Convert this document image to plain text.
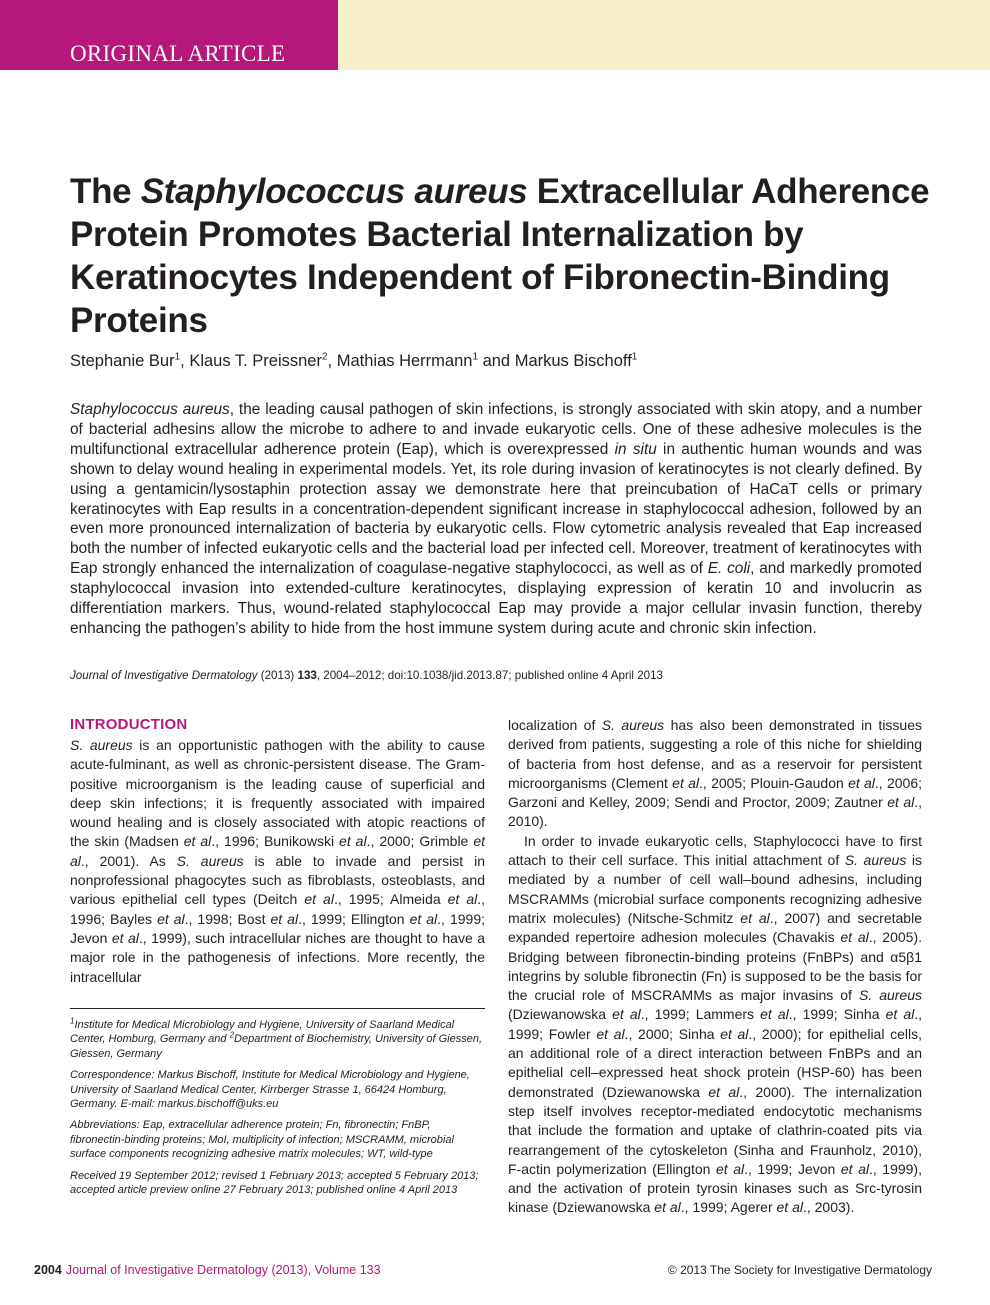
ORIGINAL ARTICLE
The Staphylococcus aureus Extracellular Adherence Protein Promotes Bacterial Internalization by Keratinocytes Independent of Fibronectin-Binding Proteins
Stephanie Bur$^1$, Klaus T. Preissner$^2$, Mathias Herrmann$^1$ and Markus Bischoff$^1$
Staphylococcus aureus, the leading causal pathogen of skin infections, is strongly associated with skin atopy, and a number of bacterial adhesins allow the microbe to adhere to and invade eukaryotic cells. One of these adhesive molecules is the multifunctional extracellular adherence protein (Eap), which is overexpressed in situ in authentic human wounds and was shown to delay wound healing in experimental models. Yet, its role during invasion of keratinocytes is not clearly defined. By using a gentamicin/lysostaphin protection assay we demonstrate here that preincubation of HaCaT cells or primary keratinocytes with Eap results in a concentration-dependent significant increase in staphylococcal adhesion, followed by an even more pronounced internalization of bacteria by eukaryotic cells. Flow cytometric analysis revealed that Eap increased both the number of infected eukaryotic cells and the bacterial load per infected cell. Moreover, treatment of keratinocytes with Eap strongly enhanced the internalization of coagulase-negative staphylococci, as well as of E. coli, and markedly promoted staphylococcal invasion into extended-culture keratinocytes, displaying expression of keratin 10 and involucrin as differentiation markers. Thus, wound-related staphylococcal Eap may provide a major cellular invasin function, thereby enhancing the pathogen’s ability to hide from the host immune system during acute and chronic skin infection.
Journal of Investigative Dermatology (2013) 133, 2004–2012; doi:10.1038/jid.2013.87; published online 4 April 2013
INTRODUCTION

S. aureus is an opportunistic pathogen with the ability to cause acute-fulminant, as well as chronic-persistent disease. The Gram-positive microorganism is the leading cause of superficial and deep skin infections; it is frequently associated with impaired wound healing and is closely associated with atopic reactions of the skin (Madsen et al., 1996; Bunikowski et al., 2000; Grimble et al., 2001). As S. aureus is able to invade and persist in nonprofessional phagocytes such as fibroblasts, osteoblasts, and various epithelial cell types (Deitch et al., 1995; Almeida et al., 1996; Bayles et al., 1998; Bost et al., 1999; Ellington et al., 1999; Jevon et al., 1999), such intracellular niches are thought to have a major role in the pathogenesis of infections. More recently, the intracellular

localization of S. aureus has also been demonstrated in tissues derived from patients, suggesting a role of this niche for shielding of bacteria from host defense, and as a reservoir for persistent microorganisms (Clement et al., 2005; Plouin-Gaudon et al., 2006; Garzoni and Kelley, 2009; Sendi and Proctor, 2009; Zautner et al., 2010).

In order to invade eukaryotic cells, Staphylococci have to first attach to their cell surface. This initial attachment of S. aureus is mediated by a number of cell wall–bound adhesins, including MSCRAMMs (microbial surface components recognizing adhesive matrix molecules) (Nitsche-Schmitz et al., 2007) and secretable expanded repertoire adhesion molecules (Chavakis et al., 2005). Bridging between fibronectin-binding proteins (FnBPs) and α5β1 integrins by soluble fibronectin (Fn) is supposed to be the basis for the crucial role of MSCRAMMs as major invasins of S. aureus (Dziewanowska et al., 1999; Lammers et al., 1999; Sinha et al., 1999; Fowler et al., 2000; Sinha et al., 2000); for epithelial cells, an additional role of a direct interaction between FnBPs and an epithelial cell–expressed heat shock protein (HSP-60) has been demonstrated (Dziewanowska et al., 2000). The internalization step itself involves receptor-mediated endocytotic mechanisms that include the formation and uptake of clathrin-coated pits via rearrangement of the cytoskeleton (Sinha and Fraunholz, 2010), F-actin polymerization (Ellington et al., 1999; Jevon et al., 1999), and the activation of protein tyrosin kinases such as Src-tyrosin kinase (Dziewanowska et al., 1999; Agerer et al., 2003).

$^1$Institute for Medical Microbiology and Hygiene, University of Saarland Medical Center, Homburg, Germany and $^2$Department of Biochemistry, University of Giessen, Giessen, Germany

Correspondence: Markus Bischoff, Institute for Medical Microbiology and Hygiene, University of Saarland Medical Center, Kirrberger Strasse 1, 66424 Homburg, Germany. E-mail: markus.bischoff@uks.eu

Abbreviations: Eap, extracellular adherence protein; Fn, fibronectin; FnBP, fibronectin-binding proteins; MoI, multiplicity of infection; MSCRAMM, microbial surface components recognizing adhesive matrix molecules; WT, wild-type

Received 19 September 2012; revised 1 February 2013; accepted 5 February 2013; accepted article preview online 27 February 2013; published online 4 April 2013

2004 Journal of Investigative Dermatology (2013), Volume 133	© 2013 The Society for Investigative Dermatology
